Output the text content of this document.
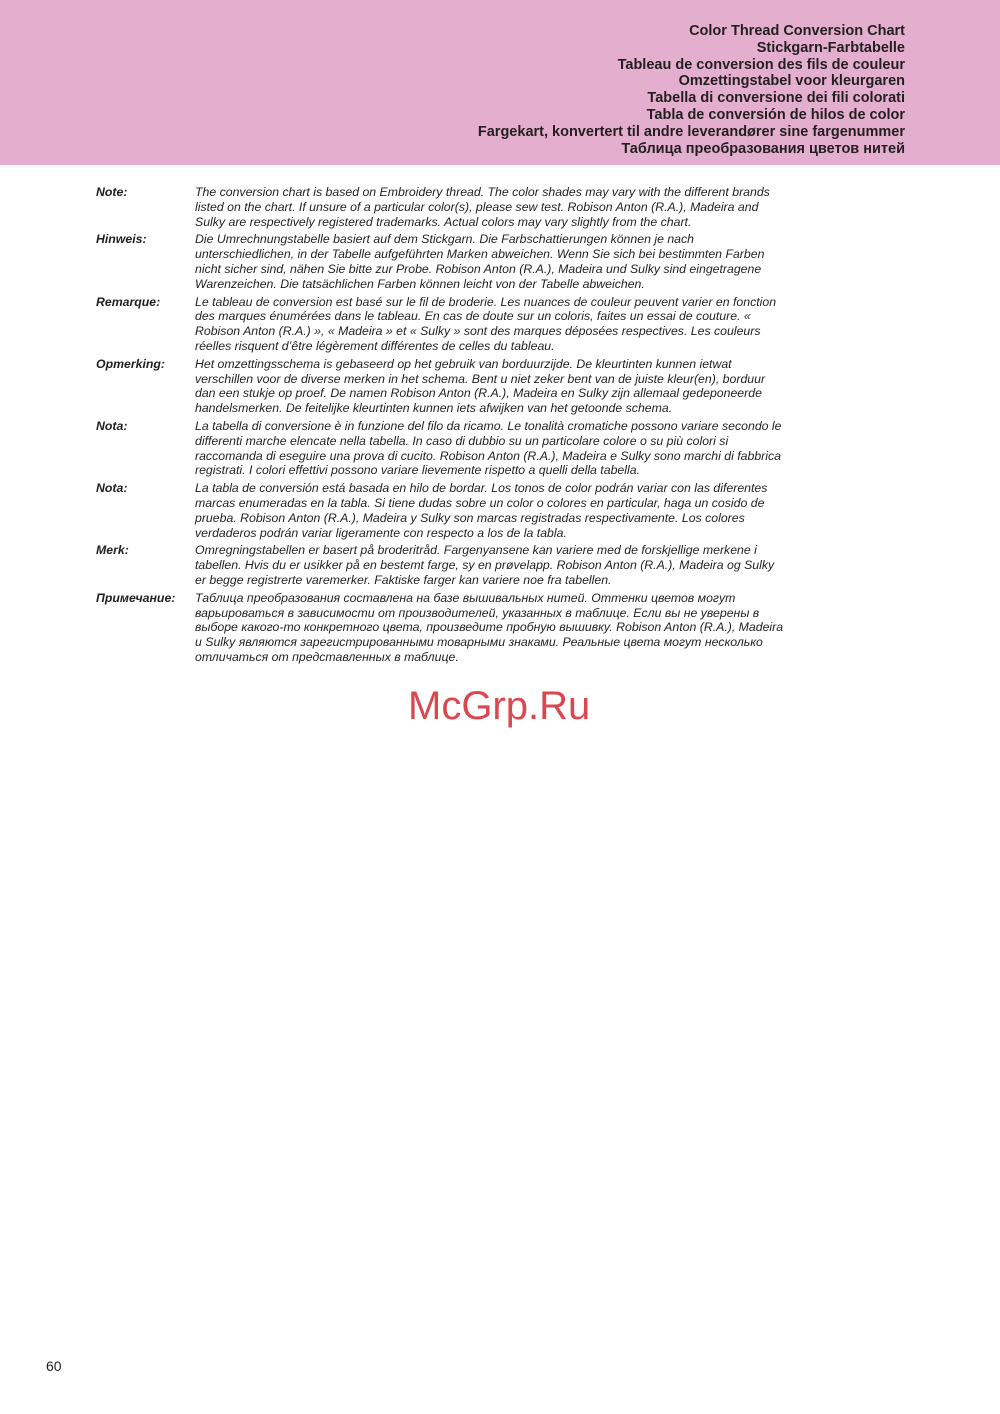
Color Thread Conversion Chart
Stickgarn-Farbtabelle
Tableau de conversion des fils de couleur
Omzettingstabel voor kleurgaren
Tabella di conversione dei fili colorati
Tabla de conversión de hilos de color
Fargekart, konvertert til andre leverandører sine fargenummer
Таблица преобразования цветов нитей
Note:	The conversion chart is based on Embroidery thread. The color shades may vary with the different brands listed on the chart. If unsure of a particular color(s), please sew test. Robison Anton (R.A.), Madeira and Sulky are respectively registered trademarks. Actual colors may vary slightly from the chart.
Hinweis:	Die Umrechnungstabelle basiert auf dem Stickgarn. Die Farbschattierungen können je nach unterschiedlichen, in der Tabelle aufgeführten Marken abweichen. Wenn Sie sich bei bestimmten Farben nicht sicher sind, nähen Sie bitte zur Probe. Robison Anton (R.A.), Madeira und Sulky sind eingetragene Warenzeichen. Die tatsächlichen Farben können leicht von der Tabelle abweichen.
Remarque:	Le tableau de conversion est basé sur le fil de broderie. Les nuances de couleur peuvent varier en fonction des marques énumérées dans le tableau. En cas de doute sur un coloris, faites un essai de couture. « Robison Anton (R.A.) », « Madeira » et « Sulky » sont des marques déposées respectives. Les couleurs réelles risquent d’être légèrement différentes de celles du tableau.
Opmerking:	Het omzettingsschema is gebaseerd op het gebruik van borduurzijde. De kleurtinten kunnen ietwat verschillen voor de diverse merken in het schema. Bent u niet zeker bent van de juiste kleur(en), borduur dan een stukje op proef. De namen Robison Anton (R.A.), Madeira en Sulky zijn allemaal gedeponeerde handelsmerken. De feitelijke kleurtinten kunnen iets afwijken van het getoonde schema.
Nota:	La tabella di conversione è in funzione del filo da ricamo. Le tonalità cromatiche possono variare secondo le differenti marche elencate nella tabella. In caso di dubbio su un particolare colore o su più colori si raccomanda di eseguire una prova di cucito. Robison Anton (R.A.), Madeira e Sulky sono marchi di fabbrica registrati. I colori effettivi possono variare lievemente rispetto a quelli della tabella.
Nota:	La tabla de conversión está basada en hilo de bordar. Los tonos de color podrán variar con las diferentes marcas enumeradas en la tabla. Si tiene dudas sobre un color o colores en particular, haga un cosido de prueba. Robison Anton (R.A.), Madeira y Sulky son marcas registradas respectivamente. Los colores verdaderos podrán variar ligeramente con respecto a los de la tabla.
Merk:	Omregningstabellen er basert på broderitråd. Fargenyansene kan variere med de forskjellige merkene i tabellen. Hvis du er usikker på en bestemt farge, sy en prøvelapp. Robison Anton (R.A.), Madeira og Sulky er begge registrerte varemerker. Faktiske farger kan variere noe fra tabellen.
Примечание:	Таблица преобразования составлена на базе вышивальных нитей. Оттенки цветов могут варьироваться в зависимости от производителей, указанных в таблице. Если вы не уверены в выборе какого-то конкретного цвета, произведите пробную вышивку. Robison Anton (R.A.), Madeira и Sulky являются зарегистрированными товарными знаками. Реальные цвета могут несколько отличаться от представленных в таблице.
McGrp.Ru
60
